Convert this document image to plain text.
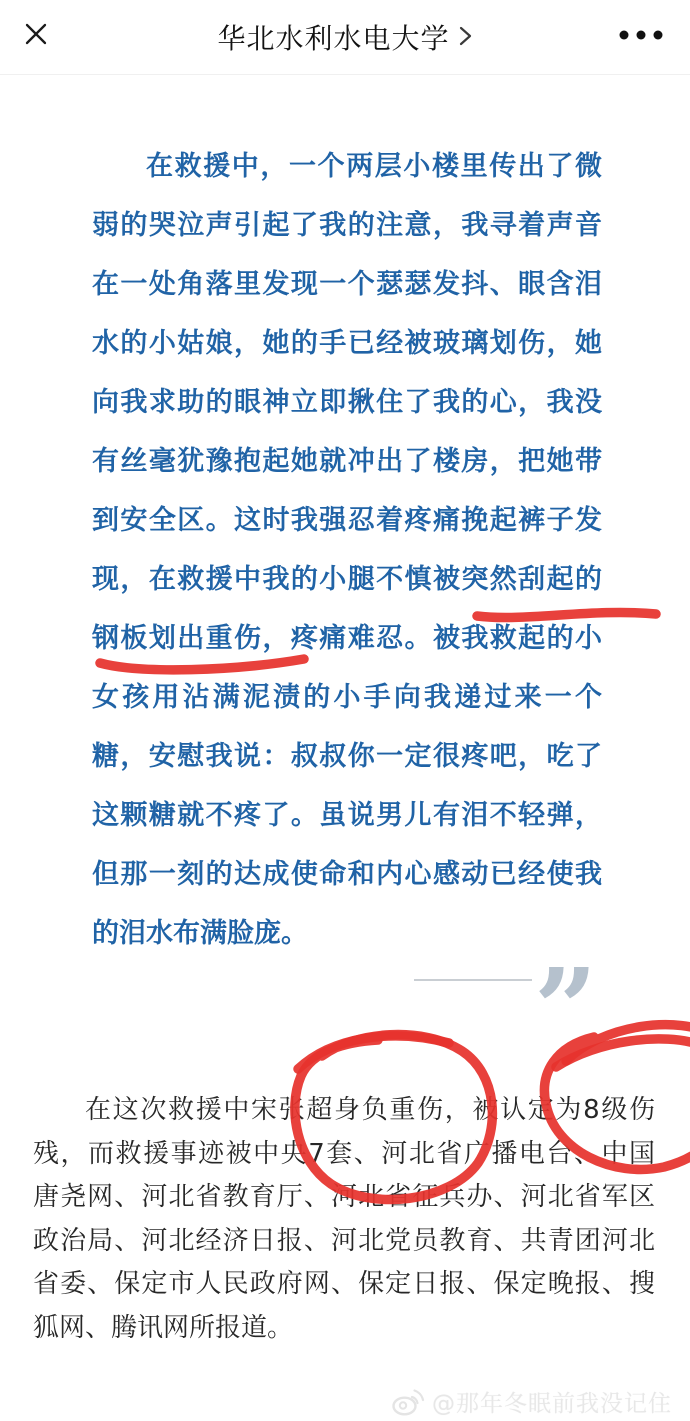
华北水利水电大学
在救援中，一个两层小楼里传出了微
弱的哭泣声引起了我的注意，我寻着声音
在一处角落里发现一个瑟瑟发抖、眼含泪
水的小姑娘，她的手已经被玻璃划伤，她
向我求助的眼神立即揪住了我的心，我没
有丝毫犹豫抱起她就冲出了楼房，把她带
到安全区。这时我强忍着疼痛挽起裤子发
现，在救援中我的小腿不慎被突然刮起的
钢板划出重伤，疼痛难忍。被我救起的小
女孩用沾满泥渍的小手向我递过来一个
糖，安慰我说：叔叔你一定很疼吧，吃了
这颗糖就不疼了。虽说男儿有泪不轻弹，
但那一刻的达成使命和内心感动已经使我
的泪水布满脸庞。
”
在这次救援中宋张超身负重伤，被认定为8级伤
残，而救援事迹被中央7套、河北省广播电台、中国
唐尧网、河北省教育厅、河北省征兵办、河北省军区
政治局、河北经济日报、河北党员教育、共青团河北
省委、保定市人民政府网、保定日报、保定晚报、搜
狐网、腾讯网所报道。
@那年冬眠前我没记住
